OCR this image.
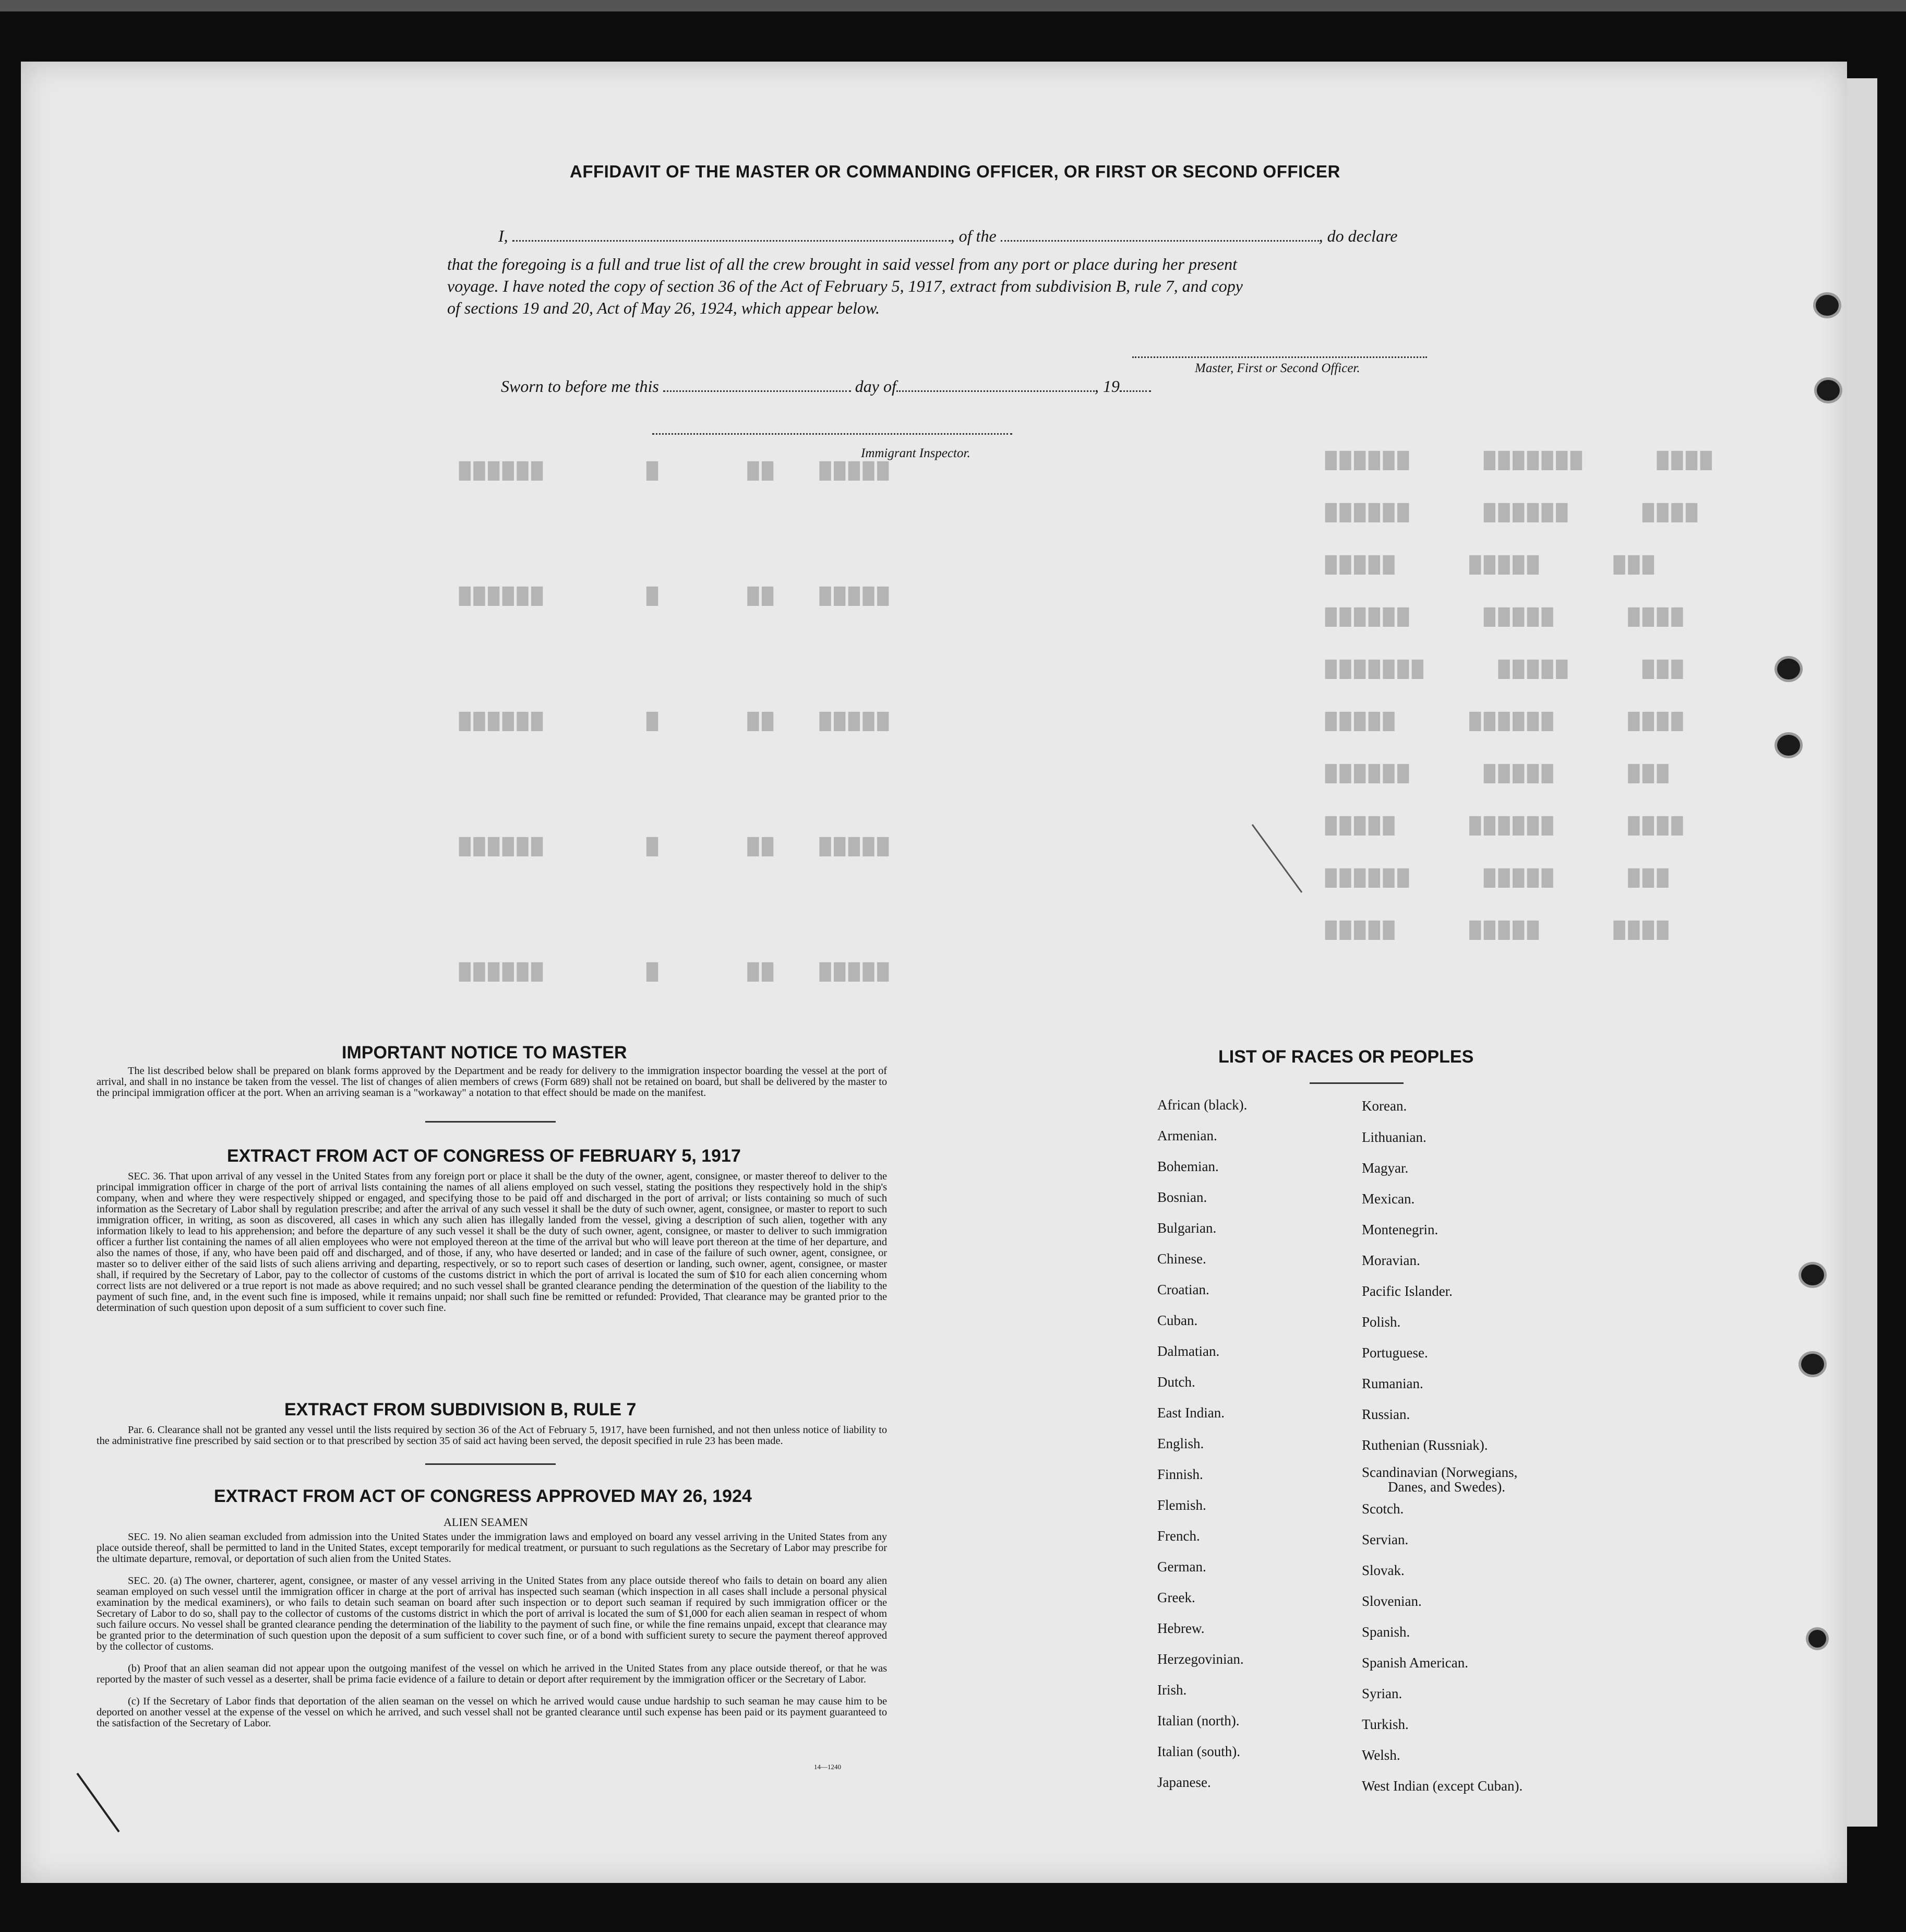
▇▇▇▇▇▇     ▇▇▇▇▇▇▇     ▇▇▇▇
▇▇▇▇▇▇     ▇▇▇▇▇▇     ▇▇▇▇
▇▇▇▇▇     ▇▇▇▇▇     ▇▇▇
▇▇▇▇▇▇     ▇▇▇▇▇     ▇▇▇▇
▇▇▇▇▇▇▇     ▇▇▇▇▇     ▇▇▇
▇▇▇▇▇     ▇▇▇▇▇▇     ▇▇▇▇
▇▇▇▇▇▇     ▇▇▇▇▇     ▇▇▇
▇▇▇▇▇     ▇▇▇▇▇▇     ▇▇▇▇
▇▇▇▇▇▇     ▇▇▇▇▇     ▇▇▇
▇▇▇▇▇     ▇▇▇▇▇     ▇▇▇▇
▇▇▇▇▇▇       ▇      ▇▇   ▇▇▇▇▇
▇▇▇▇▇▇       ▇      ▇▇   ▇▇▇▇▇
▇▇▇▇▇▇       ▇      ▇▇   ▇▇▇▇▇
▇▇▇▇▇▇       ▇      ▇▇   ▇▇▇▇▇
▇▇▇▇▇▇       ▇      ▇▇   ▇▇▇▇▇
AFFIDAVIT OF THE MASTER OR COMMANDING OFFICER, OR FIRST OR SECOND OFFICER
I,	, of the	, do declare
that the foregoing is a full and true list of all the crew brought in said vessel from any port or place during her present
voyage. I have noted the copy of section 36 of the Act of February 5, 1917, extract from subdivision B, rule 7, and copy
of sections 19 and 20, Act of May 26, 1924, which appear below.
Master, First or Second Officer.
Sworn to before me this	day of	, 19
Immigrant Inspector.
IMPORTANT NOTICE TO MASTER
The list described below shall be prepared on blank forms approved by the Department and be ready for delivery to the immigration inspector boarding the vessel at the port of arrival, and shall in no instance be taken from the vessel. The list of changes of alien members of crews (Form 689) shall not be retained on board, but shall be delivered by the master to the principal immigration officer at the port. When an arriving seaman is a "workaway" a notation to that effect should be made on the manifest.
EXTRACT FROM ACT OF CONGRESS OF FEBRUARY 5, 1917
SEC. 36. That upon arrival of any vessel in the United States from any foreign port or place it shall be the duty of the owner, agent, consignee, or master thereof to deliver to the principal immigration officer in charge of the port of arrival lists containing the names of all aliens employed on such vessel, stating the positions they respectively hold in the ship's company, when and where they were respectively shipped or engaged, and specifying those to be paid off and discharged in the port of arrival; or lists containing so much of such information as the Secretary of Labor shall by regulation prescribe; and after the arrival of any such vessel it shall be the duty of such owner, agent, consignee, or master to report to such immigration officer, in writing, as soon as discovered, all cases in which any such alien has illegally landed from the vessel, giving a description of such alien, together with any information likely to lead to his apprehension; and before the departure of any such vessel it shall be the duty of such owner, agent, consignee, or master to deliver to such immigration officer a further list containing the names of all alien employees who were not employed thereon at the time of the arrival but who will leave port thereon at the time of her departure, and also the names of those, if any, who have been paid off and discharged, and of those, if any, who have deserted or landed; and in case of the failure of such owner, agent, consignee, or master so to deliver either of the said lists of such aliens arriving and departing, respectively, or so to report such cases of desertion or landing, such owner, agent, consignee, or master shall, if required by the Secretary of Labor, pay to the collector of customs of the customs district in which the port of arrival is located the sum of $10 for each alien concerning whom correct lists are not delivered or a true report is not made as above required; and no such vessel shall be granted clearance pending the determination of the question of the liability to the payment of such fine, and, in the event such fine is imposed, while it remains unpaid; nor shall such fine be remitted or refunded: Provided, That clearance may be granted prior to the determination of such question upon deposit of a sum sufficient to cover such fine.
EXTRACT FROM SUBDIVISION B, RULE 7
Par. 6. Clearance shall not be granted any vessel until the lists required by section 36 of the Act of February 5, 1917, have been furnished, and not then unless notice of liability to the administrative fine prescribed by said section or to that prescribed by section 35 of said act having been served, the deposit specified in rule 23 has been made.
EXTRACT FROM ACT OF CONGRESS APPROVED MAY 26, 1924
ALIEN SEAMEN
SEC. 19. No alien seaman excluded from admission into the United States under the immigration laws and employed on board any vessel arriving in the United States from any place outside thereof, shall be permitted to land in the United States, except temporarily for medical treatment, or pursuant to such regulations as the Secretary of Labor may prescribe for the ultimate departure, removal, or deportation of such alien from the United States.
SEC. 20. (a) The owner, charterer, agent, consignee, or master of any vessel arriving in the United States from any place outside thereof who fails to detain on board any alien seaman employed on such vessel until the immigration officer in charge at the port of arrival has inspected such seaman (which inspection in all cases shall include a personal physical examination by the medical examiners), or who fails to detain such seaman on board after such inspection or to deport such seaman if required by such immigration officer or the Secretary of Labor to do so, shall pay to the collector of customs of the customs district in which the port of arrival is located the sum of $1,000 for each alien seaman in respect of whom such failure occurs. No vessel shall be granted clearance pending the determination of the liability to the payment of such fine, or while the fine remains unpaid, except that clearance may be granted prior to the determination of such question upon the deposit of a sum sufficient to cover such fine, or of a bond with sufficient surety to secure the payment thereof approved by the collector of customs.
(b) Proof that an alien seaman did not appear upon the outgoing manifest of the vessel on which he arrived in the United States from any place outside thereof, or that he was reported by the master of such vessel as a deserter, shall be prima facie evidence of a failure to detain or deport after requirement by the immigration officer or the Secretary of Labor.
(c) If the Secretary of Labor finds that deportation of the alien seaman on the vessel on which he arrived would cause undue hardship to such seaman he may cause him to be deported on another vessel at the expense of the vessel on which he arrived, and such vessel shall not be granted clearance until such expense has been paid or its payment guaranteed to the satisfaction of the Secretary of Labor.
14—1240
LIST OF RACES OR PEOPLES
African (black).
Armenian.
Bohemian.
Bosnian.
Bulgarian.
Chinese.
Croatian.
Cuban.
Dalmatian.
Dutch.
East Indian.
English.
Finnish.
Flemish.
French.
German.
Greek.
Hebrew.
Herzegovinian.
Irish.
Italian (north).
Italian (south).
Japanese.
Korean.
Lithuanian.
Magyar.
Mexican.
Montenegrin.
Moravian.
Pacific Islander.
Polish.
Portuguese.
Rumanian.
Russian.
Ruthenian (Russniak).
Scandinavian (Norwegians,
Danes, and Swedes).
Scotch.
Servian.
Slovak.
Slovenian.
Spanish.
Spanish American.
Syrian.
Turkish.
Welsh.
West Indian (except Cuban).
